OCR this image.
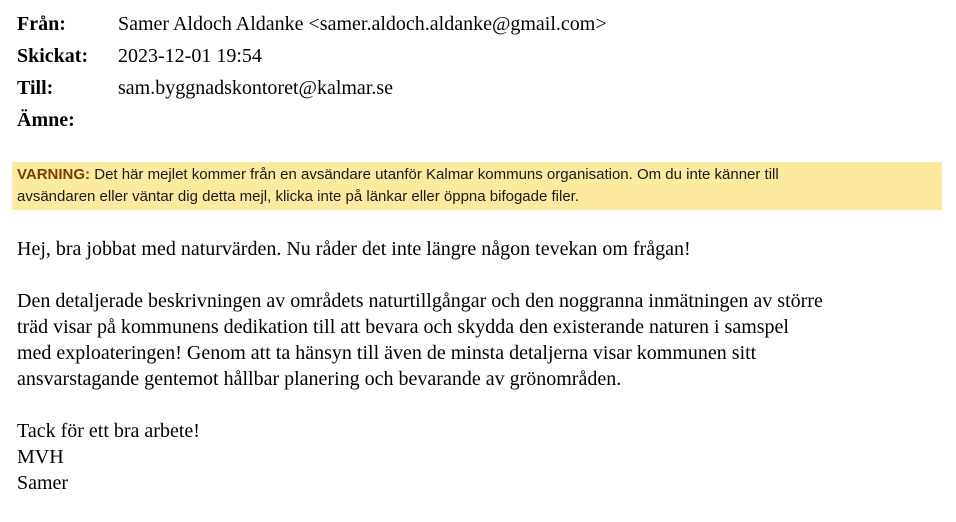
Från:	Samer Aldoch Aldanke <samer.aldoch.aldanke@gmail.com>
Skickat: 2023-12-01 19:54
Till:	sam.byggnadskontoret@kalmar.se
Ämne:
VARNING: Det här mejlet kommer från en avsändare utanför Kalmar kommuns organisation. Om du inte känner till
avsändaren eller väntar dig detta mejl, klicka inte på länkar eller öppna bifogade filer.

Hej, bra jobbat med naturvärden. Nu råder det inte längre någon tevekan om frågan!

Den detaljerade beskrivningen av områdets naturtillgångar och den noggranna inmätningen av större
träd visar på kommunens dedikation till att bevara och skydda den existerande naturen i samspel
med exploateringen! Genom att ta hänsyn till även de minsta detaljerna visar kommunen sitt
ansvarstagande gentemot hållbar planering och bevarande av grönområden.

Tack för ett bra arbete!
MVH
Samer
